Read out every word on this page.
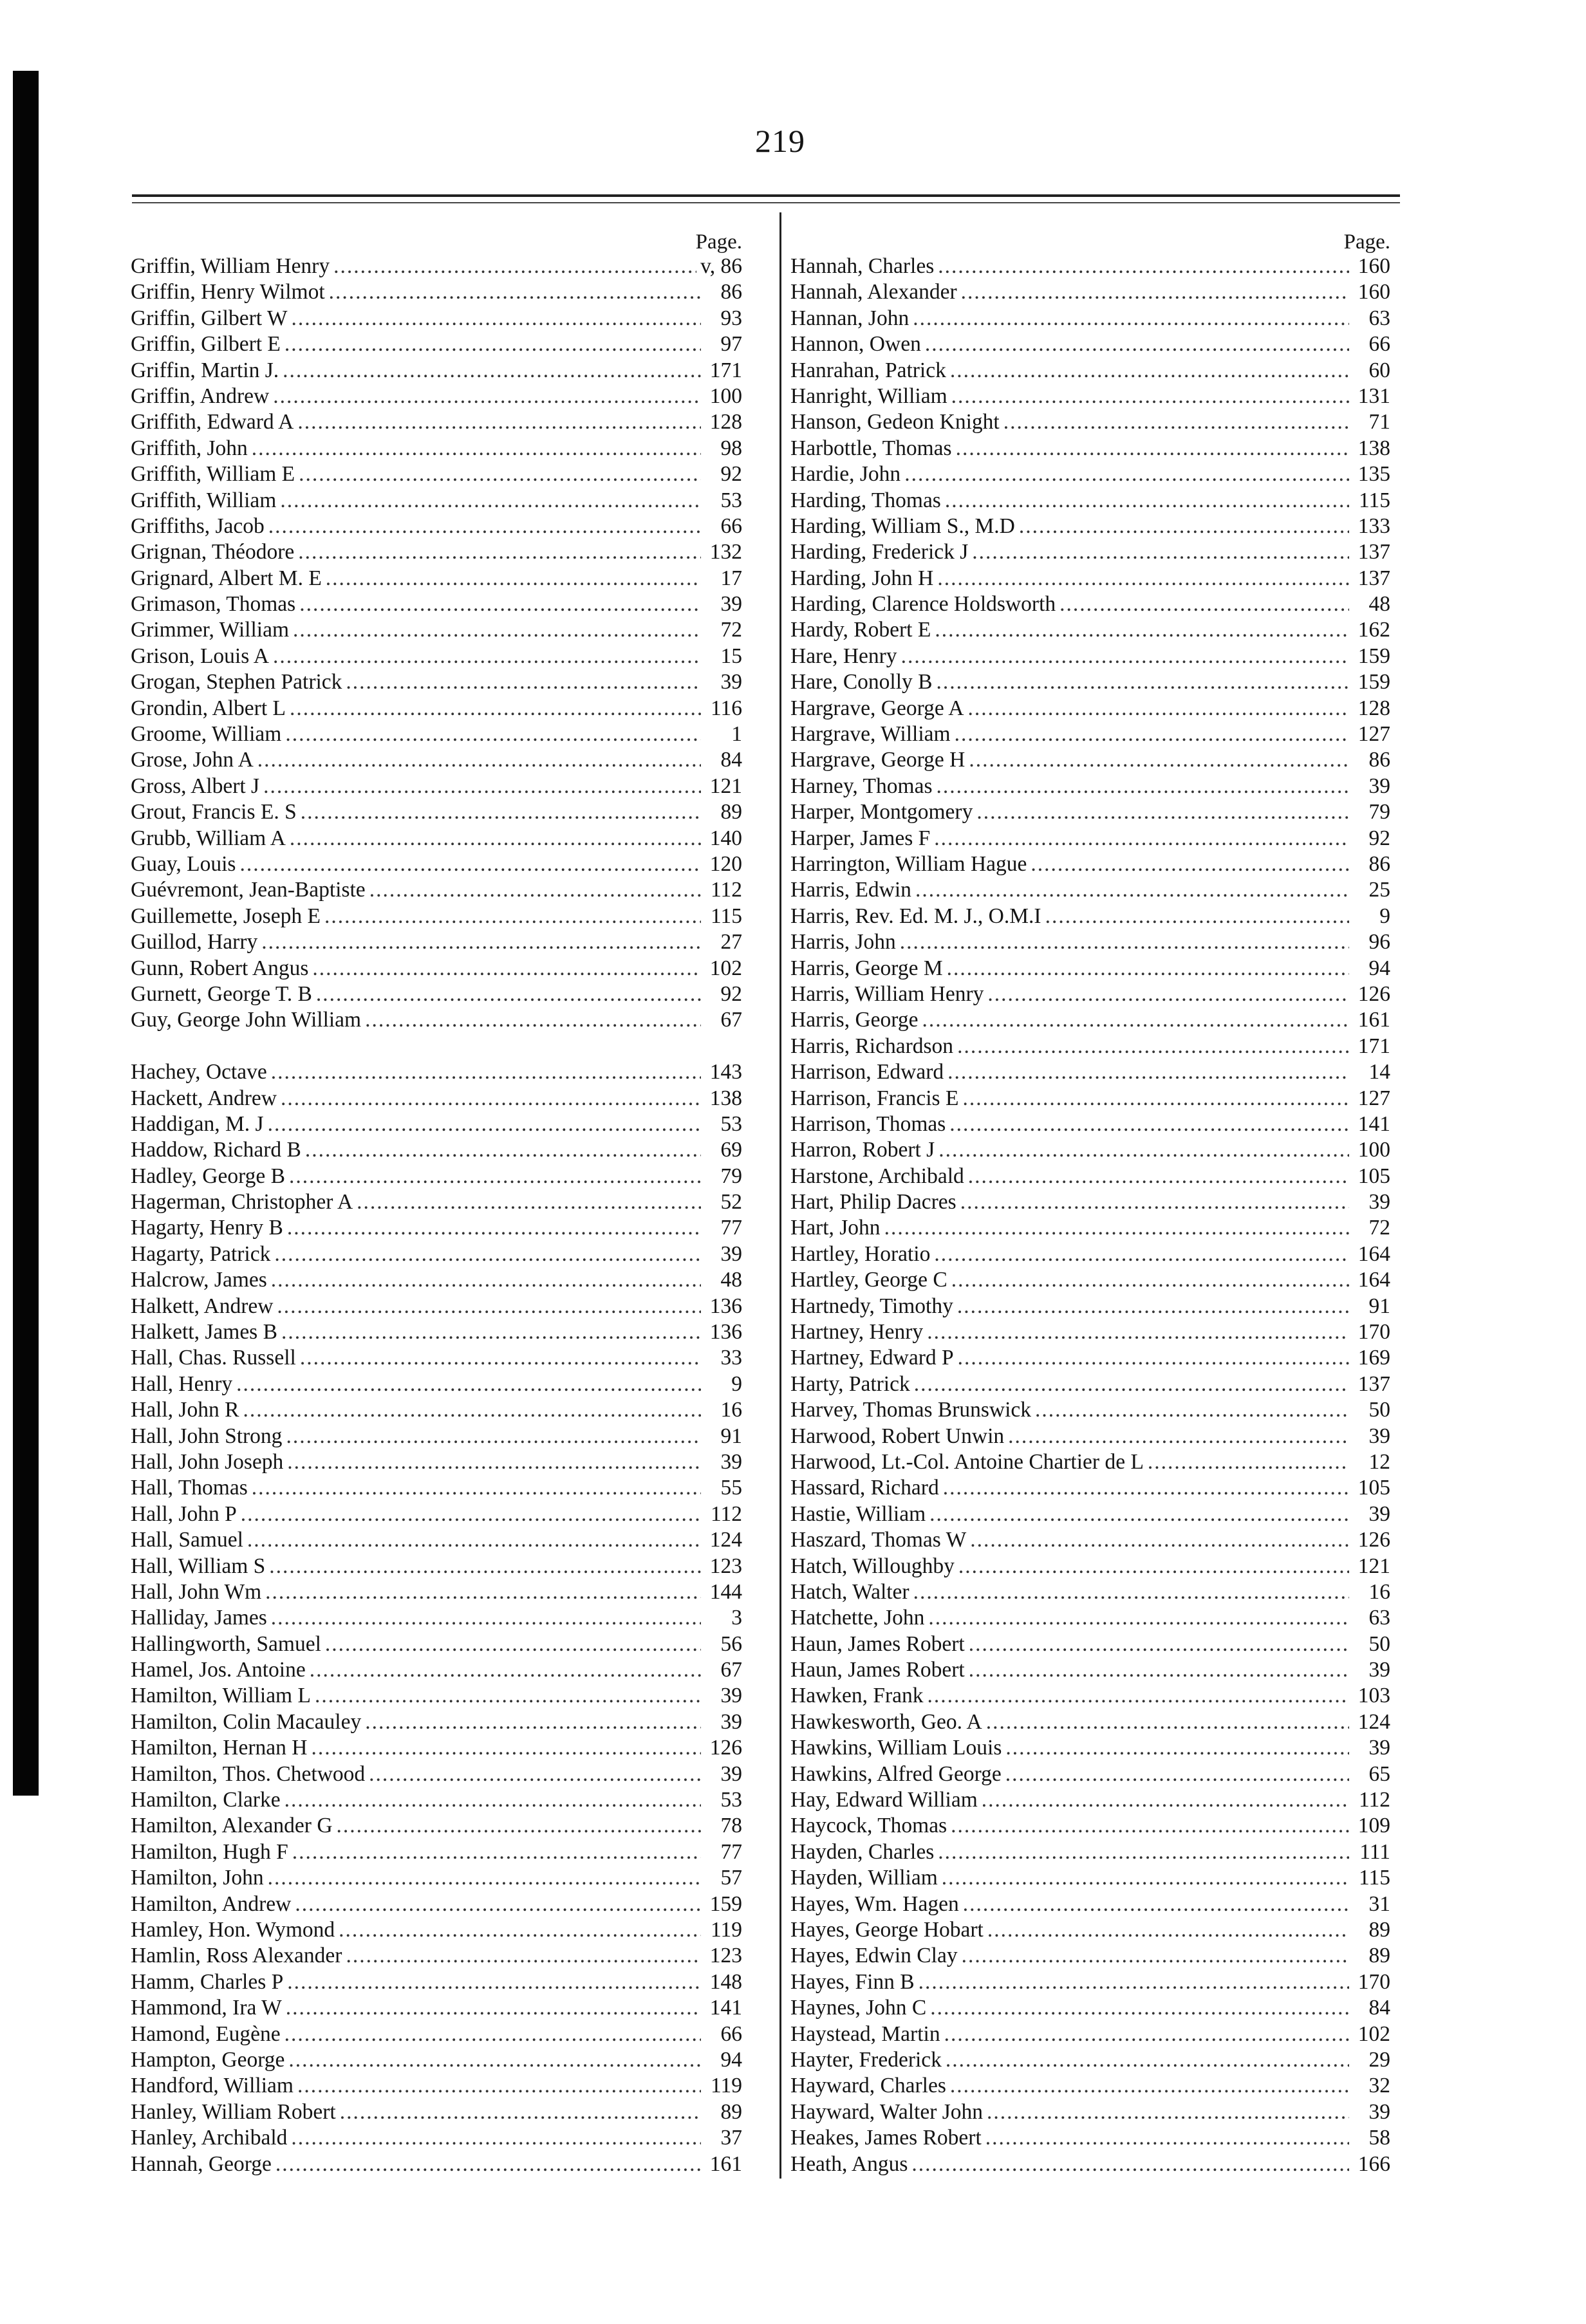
219
Page.
Griffin, William Henry .....	v, 86
Griffin, Henry Wilmot .....	86
Griffin, Gilbert W .....	93
Griffin, Gilbert E .....	97
Griffin, Martin J. .....	171
Griffin, Andrew .....	100
Griffith, Edward A .....	128
Griffith, John .....	98
Griffith, William E .....	92
Griffith, William .....	53
Griffiths, Jacob .....	66
Grignan, Théodore .....	132
Grignard, Albert M. E .....	17
Grimason, Thomas .....	39
Grimmer, William .....	72
Grison, Louis A .....	15
Grogan, Stephen Patrick .....	39
Grondin, Albert L .....	116
Groome, William .....	1
Grose, John A .....	84
Gross, Albert J .....	121
Grout, Francis E. S .....	89
Grubb, William A .....	140
Guay, Louis .....	120
Guévremont, Jean-Baptiste .....	112
Guillemette, Joseph E .....	115
Guillod, Harry .....	27
Gunn, Robert Angus .....	102
Gurnett, George T. B .....	92
Guy, George John William .....	67
Hachey, Octave .....	143
Hackett, Andrew .....	138
Haddigan, M. J .....	53
Haddow, Richard B .....	69
Hadley, George B .....	79
Hagerman, Christopher A .....	52
Hagarty, Henry B .....	77
Hagarty, Patrick .....	39
Halcrow, James .....	48
Halkett, Andrew .....	136
Halkett, James B .....	136
Hall, Chas. Russell .....	33
Hall, Henry .....	9
Hall, John R .....	16
Hall, John Strong .....	91
Hall, John Joseph .....	39
Hall, Thomas .....	55
Hall, John P .....	112
Hall, Samuel .....	124
Hall, William S .....	123
Hall, John Wm .....	144
Halliday, James .....	3
Hallingworth, Samuel .....	56
Hamel, Jos. Antoine .....	67
Hamilton, William L .....	39
Hamilton, Colin Macauley .....	39
Hamilton, Hernan H .....	126
Hamilton, Thos. Chetwood .....	39
Hamilton, Clarke .....	53
Hamilton, Alexander G .....	78
Hamilton, Hugh F .....	77
Hamilton, John .....	57
Hamilton, Andrew .....	159
Hamley, Hon. Wymond .....	119
Hamlin, Ross Alexander .....	123
Hamm, Charles P .....	148
Hammond, Ira W .....	141
Hamond, Eugène .....	66
Hampton, George .....	94
Handford, William .....	119
Hanley, William Robert .....	89
Hanley, Archibald .....	37
Hannah, George .....	161
Page.
Hannah, Charles .....	160
Hannah, Alexander .....	160
Hannan, John .....	63
Hannon, Owen .....	66
Hanrahan, Patrick .....	60
Hanright, William .....	131
Hanson, Gedeon Knight .....	71
Harbottle, Thomas .....	138
Hardie, John .....	135
Harding, Thomas .....	115
Harding, William S., M.D .....	133
Harding, Frederick J .....	137
Harding, John H .....	137
Harding, Clarence Holdsworth .....	48
Hardy, Robert E .....	162
Hare, Henry .....	159
Hare, Conolly B .....	159
Hargrave, George A .....	128
Hargrave, William .....	127
Hargrave, George H .....	86
Harney, Thomas .....	39
Harper, Montgomery .....	79
Harper, James F .....	92
Harrington, William Hague .....	86
Harris, Edwin .....	25
Harris, Rev. Ed. M. J., O.M.I .....	9
Harris, John .....	96
Harris, George M .....	94
Harris, William Henry .....	126
Harris, George .....	161
Harris, Richardson .....	171
Harrison, Edward .....	14
Harrison, Francis E .....	127
Harrison, Thomas .....	141
Harron, Robert J .....	100
Harstone, Archibald .....	105
Hart, Philip Dacres .....	39
Hart, John .....	72
Hartley, Horatio .....	164
Hartley, George C .....	164
Hartnedy, Timothy .....	91
Hartney, Henry .....	170
Hartney, Edward P .....	169
Harty, Patrick .....	137
Harvey, Thomas Brunswick .....	50
Harwood, Robert Unwin .....	39
Harwood, Lt.-Col. Antoine Chartier de L .....	12
Hassard, Richard .....	105
Hastie, William .....	39
Haszard, Thomas W .....	126
Hatch, Willoughby .....	121
Hatch, Walter .....	16
Hatchette, John .....	63
Haun, James Robert .....	50
Haun, James Robert .....	39
Hawken, Frank .....	103
Hawkesworth, Geo. A .....	124
Hawkins, William Louis .....	39
Hawkins, Alfred George .....	65
Hay, Edward William .....	112
Haycock, Thomas .....	109
Hayden, Charles .....	111
Hayden, William .....	115
Hayes, Wm. Hagen .....	31
Hayes, George Hobart .....	89
Hayes, Edwin Clay .....	89
Hayes, Finn B .....	170
Haynes, John C .....	84
Haystead, Martin .....	102
Hayter, Frederick .....	29
Hayward, Charles .....	32
Hayward, Walter John .....	39
Heakes, James Robert .....	58
Heath, Angus .....	166
